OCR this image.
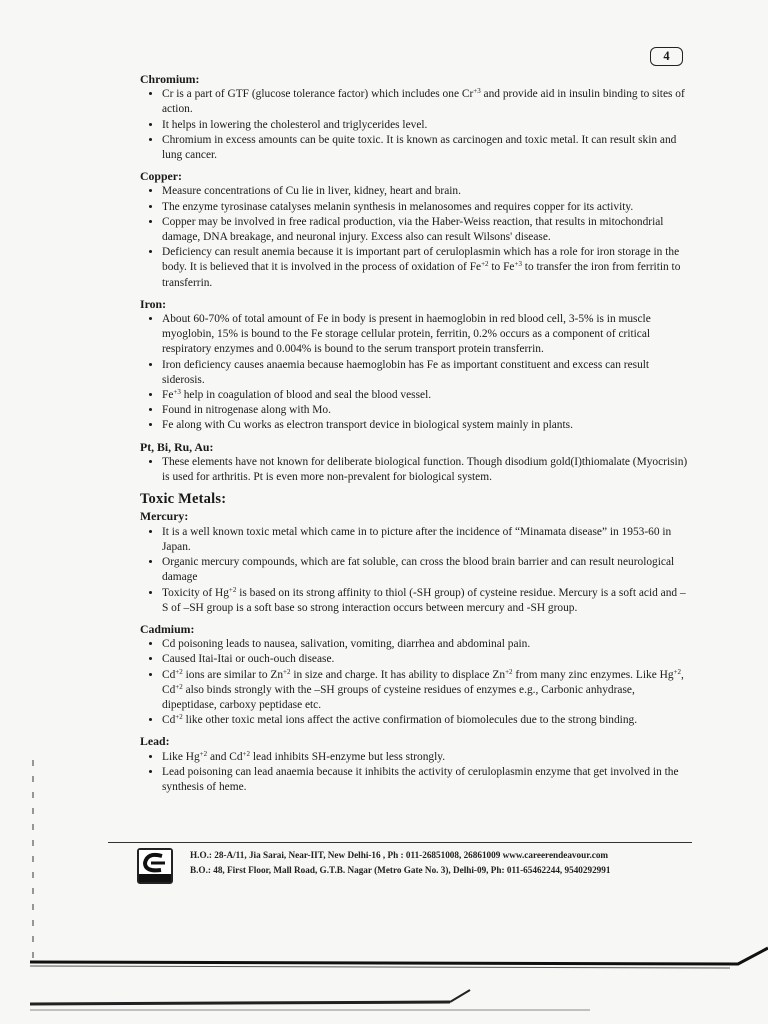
4
Chromium:
• Cr is a part of GTF (glucose tolerance factor) which includes one $Cr^{+3}$ and provide aid in insulin binding to sites of action.
• It helps in lowering the cholesterol and triglycerides level.
• Chromium in excess amounts can be quite toxic. It is known as carcinogen and toxic metal. It can result skin and lung cancer.
Copper:
• Measure concentrations of Cu lie in liver, kidney, heart and brain.
• The enzyme tyrosinase catalyses melanin synthesis in melanosomes and requires copper for its activity.
• Copper may be involved in free radical production, via the Haber-Weiss reaction, that results in mitochondrial damage, DNA breakage, and neuronal injury. Excess also can result Wilsons' disease.
• Deficiency can result anemia because it is important part of ceruloplasmin which has a role for iron storage in the body. It is believed that it is involved in the process of oxidation of $Fe^{+2}$ to $Fe^{+3}$ to transfer the iron from ferritin to transferrin.
Iron:
• About 60-70% of total amount of Fe in body is present in haemoglobin in red blood cell, 3-5% is in muscle myoglobin, 15% is bound to the Fe storage cellular protein, ferritin, 0.2% occurs as a component of critical respiratory enzymes and 0.004% is bound to the serum transport protein transferrin.
• Iron deficiency causes anaemia because haemoglobin has Fe as important constituent and excess can result siderosis.
• $Fe^{+3}$ help in coagulation of blood and seal the blood vessel.
• Found in nitrogenase along with Mo.
• Fe along with Cu works as electron transport device in biological system mainly in plants.
Pt, Bi, Ru, Au:
• These elements have not known for deliberate biological function. Though disodium gold(I)thiomalate (Myocrisin) is used for arthritis. Pt is even more non-prevalent for biological system.
Toxic Metals:
Mercury:
• It is a well known toxic metal which came in to picture after the incidence of “Minamata disease” in 1953-60 in Japan.
• Organic mercury compounds, which are fat soluble, can cross the blood brain barrier and can result neurological damage
• Toxicity of $Hg^{+2}$ is based on its strong affinity to thiol (-SH group) of cysteine residue. Mercury is a soft acid and –S of –SH group is a soft base so strong interaction occurs between mercury and -SH group.
Cadmium:
• Cd poisoning leads to nausea, salivation, vomiting, diarrhea and abdominal pain.
• Caused Itai-Itai or ouch-ouch disease.
• $Cd^{+2}$ ions are similar to $Zn^{+2}$ in size and charge. It has ability to displace $Zn^{+2}$ from many zinc enzymes. Like $Hg^{+2}$, $Cd^{+2}$ also binds strongly with the –SH groups of cysteine residues of enzymes e.g., Carbonic anhydrase, dipeptidase, carboxy peptidase etc.
• $Cd^{+2}$ like other toxic metal ions affect the active confirmation of biomolecules due to the strong binding.
Lead:
• Like $Hg^{+2}$ and $Cd^{+2}$ lead inhibits SH-enzyme but less strongly.
• Lead poisoning can lead anaemia because it inhibits the activity of ceruloplasmin enzyme that get involved in the synthesis of heme.
H.O.: 28-A/11, Jia Sarai, Near-IIT, New Delhi-16 , Ph : 011-26851008, 26861009 www.careerendeavour.com
B.O.: 48, First Floor, Mall Road, G.T.B. Nagar (Metro Gate No. 3), Delhi-09, Ph: 011-65462244, 9540292991
